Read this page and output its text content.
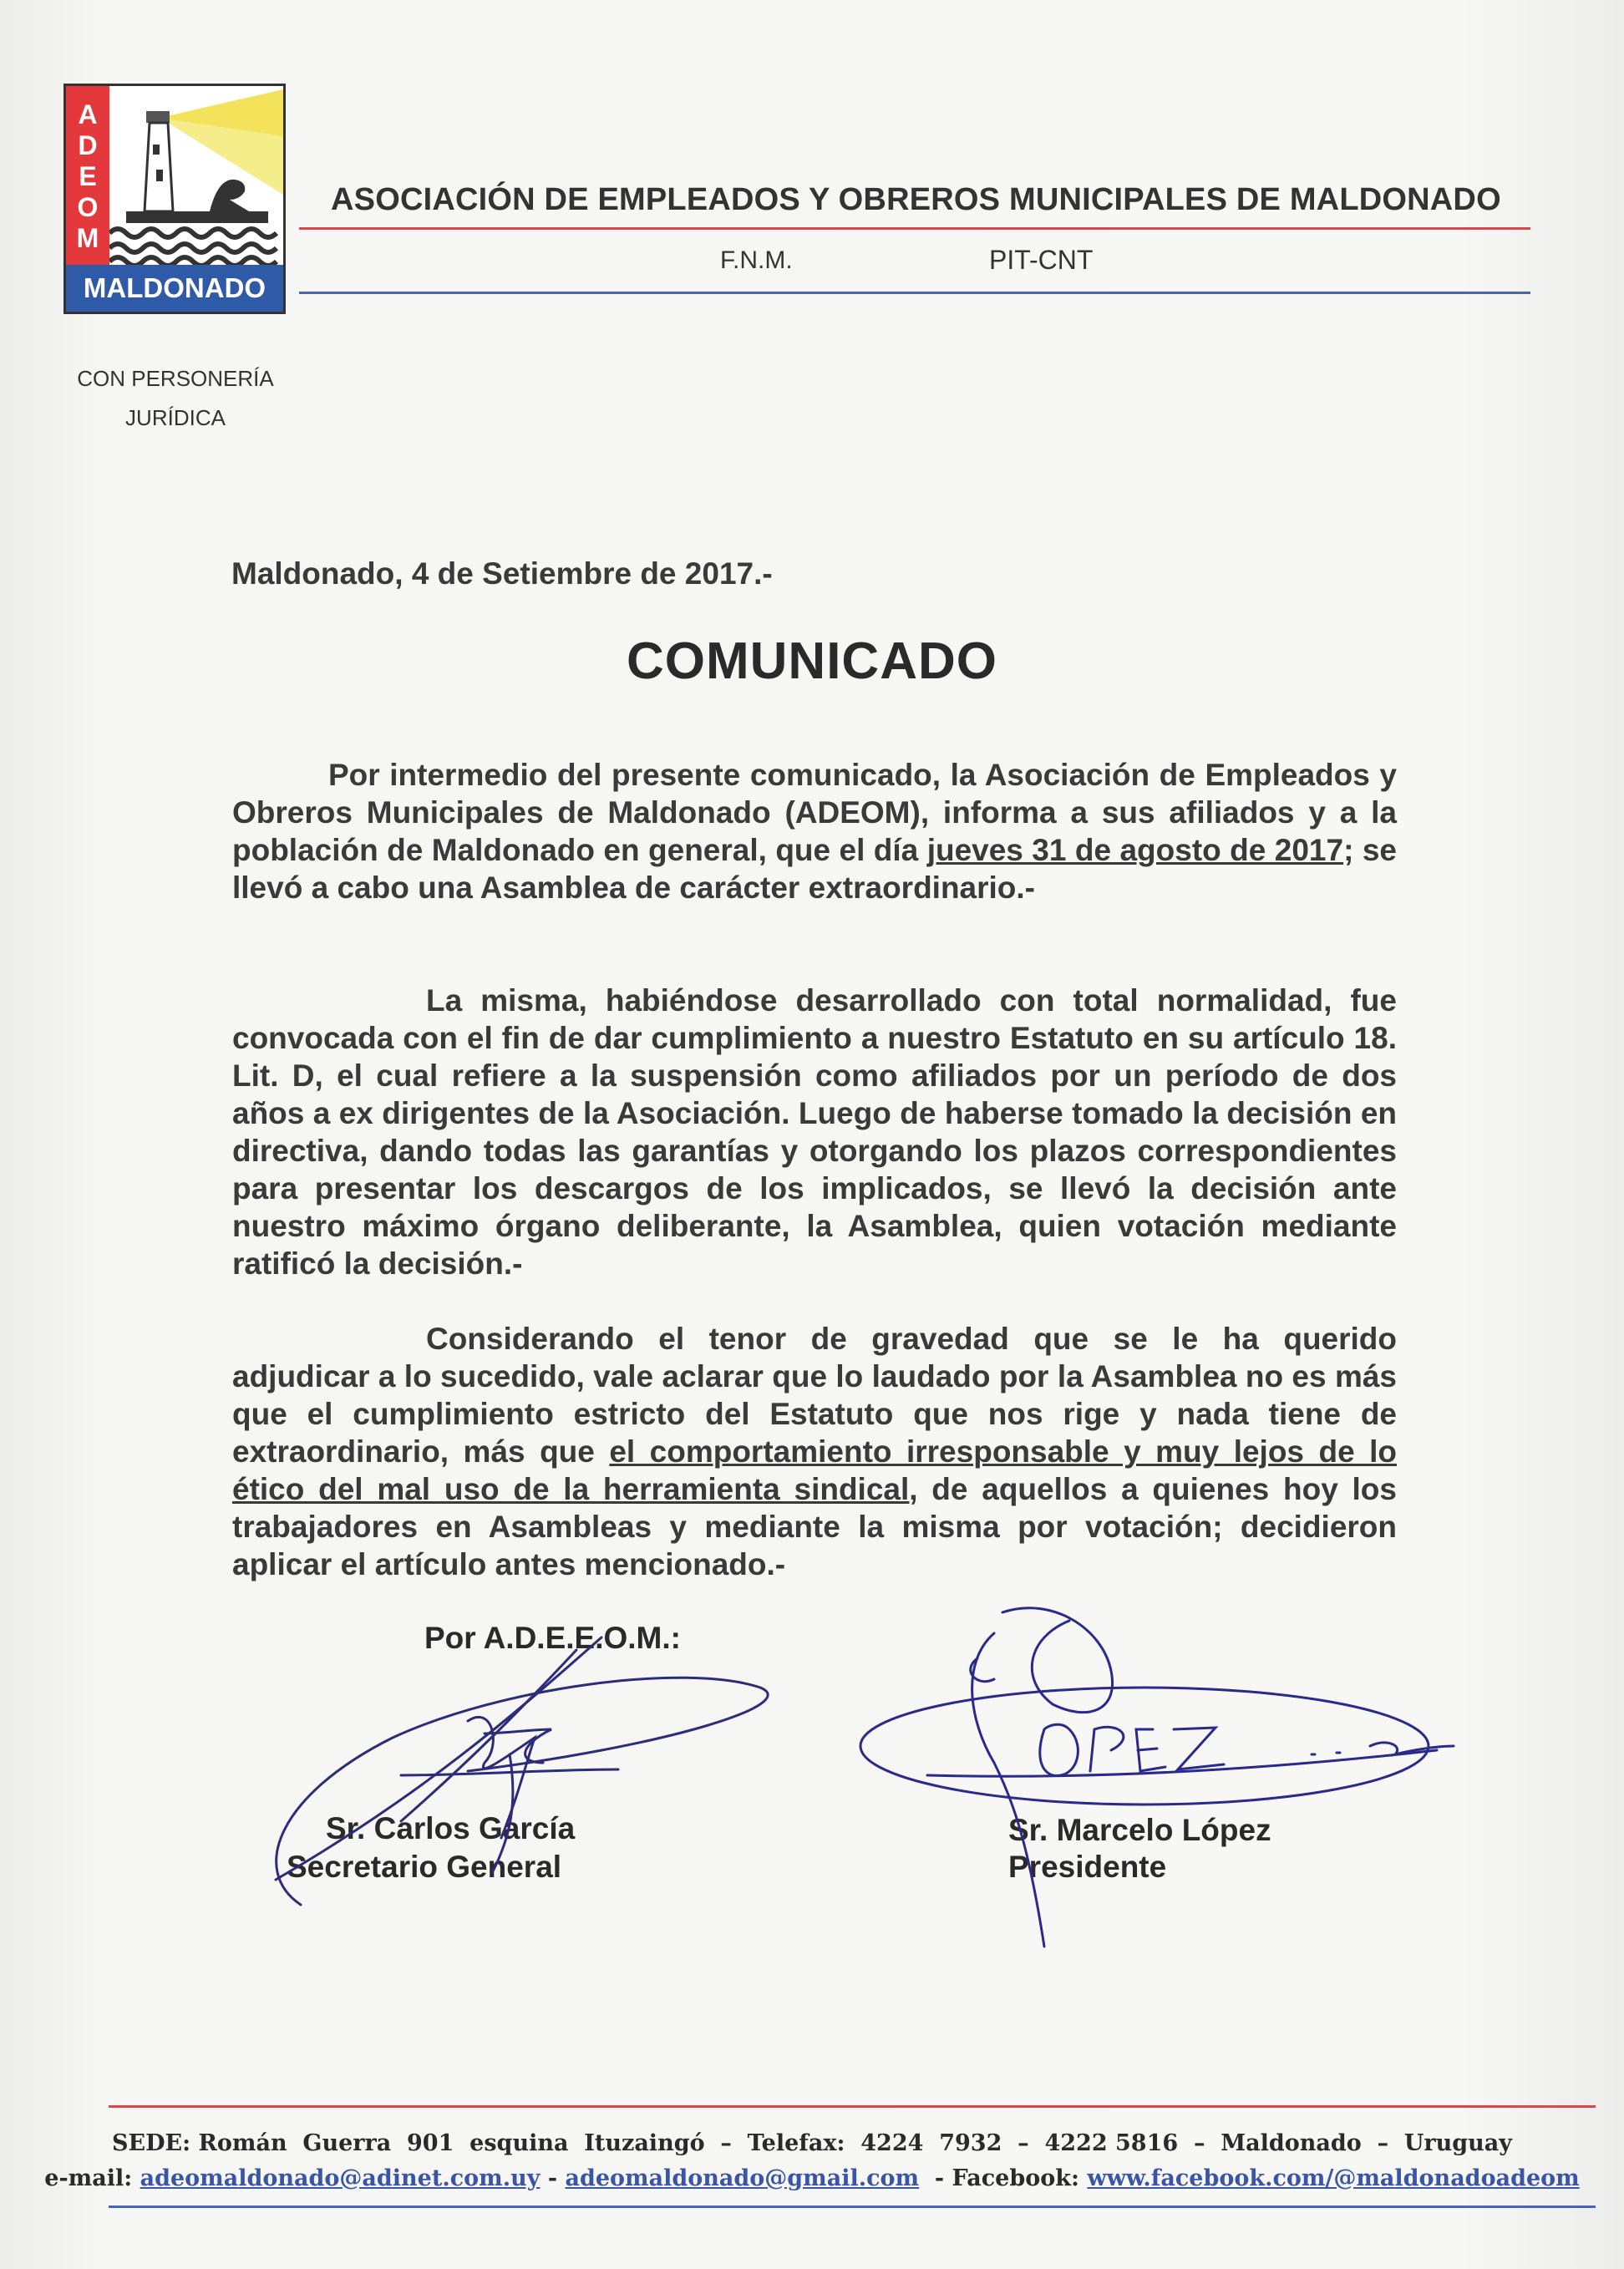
A
D
E
O
M
MALDONADO
ASOCIACIÓN DE EMPLEADOS Y OBREROS MUNICIPALES DE MALDONADO
F.N.M.	PIT-CNT
CON PERSONERÍA
JURÍDICA
Maldonado, 4 de Setiembre de 2017.-
COMUNICADO

Por intermedio del presente comunicado, la Asociación de Empleados y Obreros Municipales de Maldonado (ADEOM), informa a sus afiliados y a la población de Maldonado en general, que el día jueves 31 de agosto de 2017; se llevó a cabo una Asamblea de carácter extraordinario.-

La misma, habiéndose desarrollado con total normalidad, fue convocada con el fin de dar cumplimiento a nuestro Estatuto en su artículo 18. Lit. D, el cual refiere a la suspensión como afiliados por un período de dos años a ex dirigentes de la Asociación. Luego de haberse tomado la decisión en directiva, dando todas las garantías y otorgando los plazos correspondientes para presentar los descargos de los implicados, se llevó la decisión ante nuestro máximo órgano deliberante, la Asamblea, quien votación mediante ratificó la decisión.-

Considerando el tenor de gravedad que se le ha querido adjudicar a lo sucedido, vale aclarar que lo laudado por la Asamblea no es más que el cumplimiento estricto del Estatuto que nos rige y nada tiene de extraordinario, más que el comportamiento irresponsable y muy lejos de lo ético del mal uso de la herramienta sindical, de aquellos a quienes hoy los trabajadores en Asambleas y mediante la misma por votación; decidieron aplicar el artículo antes mencionado.-

Por A.D.E.E.O.M.:
Sr. Carlos García
Secretario General
Sr. Marcelo López
Presidente
SEDE: Román  Guerra  901  esquina  Ituzaingó  –  Telefax:  4224  7932  –  4222 5816  –  Maldonado  –  Uruguay
e-mail: adeomaldonado@adinet.com.uy - adeomaldonado@gmail.com  - Facebook: www.facebook.com/@maldonadoadeom
